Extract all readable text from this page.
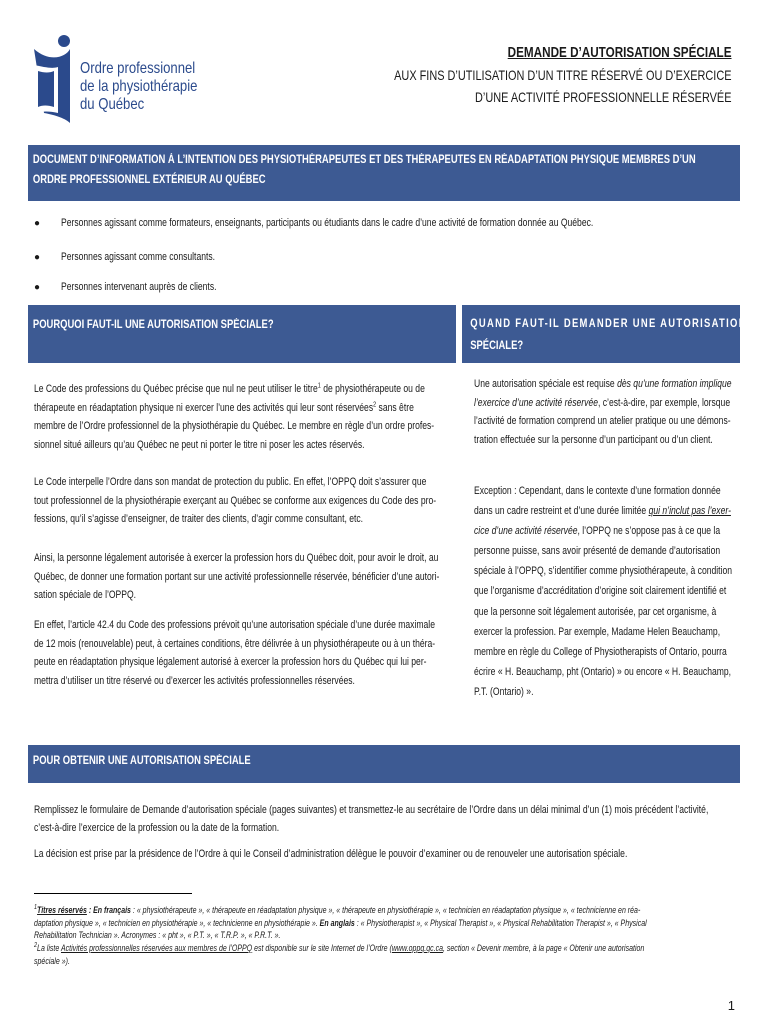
Ordre professionnel
de la physiothérapie
du Québec
DEMANDE D’AUTORISATION SPÉCIALE
AUX FINS D’UTILISATION D’UN TITRE RÉSERVÉ OU D’EXERCICE
D’UNE ACTIVITÉ PROFESSIONNELLE RÉSERVÉE
DOCUMENT D’INFORMATION À L’INTENTION DES PHYSIOTHÉRAPEUTES ET DES THÉRAPEUTES EN RÉADAPTATION PHYSIQUE MEMBRES D’UN
ORDRE PROFESSIONNEL EXTÉRIEUR AU QUÉBEC
● Personnes agissant comme formateurs, enseignants, participants ou étudiants dans le cadre d’une activité de formation donnée au Québec.
● Personnes agissant comme consultants.
● Personnes intervenant auprès de clients.
POURQUOI FAUT-IL UNE AUTORISATION SPÉCIALE?	QUAND FAUT-IL DEMANDER UNE AUTORISATION
SPÉCIALE?
Le Code des professions du Québec précise que nul ne peut utiliser le titre$^1$ de physiothérapeute ou de
thérapeute en réadaptation physique ni exercer l’une des activités qui leur sont réservées$^2$ sans être
membre de l’Ordre professionnel de la physiothérapie du Québec. Le membre en règle d’un ordre profes-
sionnel situé ailleurs qu’au Québec ne peut ni porter le titre ni poser les actes réservés.
Le Code interpelle l’Ordre dans son mandat de protection du public. En effet, l’OPPQ doit s’assurer que
tout professionnel de la physiothérapie exerçant au Québec se conforme aux exigences du Code des pro-
fessions, qu’il s’agisse d’enseigner, de traiter des clients, d’agir comme consultant, etc.
Ainsi, la personne légalement autorisée à exercer la profession hors du Québec doit, pour avoir le droit, au
Québec, de donner une formation portant sur une activité professionnelle réservée, bénéficier d’une autori-
sation spéciale de l’OPPQ.
En effet, l’article 42.4 du Code des professions prévoit qu’une autorisation spéciale d’une durée maximale
de 12 mois (renouvelable) peut, à certaines conditions, être délivrée à un physiothérapeute ou à un théra-
peute en réadaptation physique légalement autorisé à exercer la profession hors du Québec qui lui per-
mettra d’utiliser un titre réservé ou d’exercer les activités professionnelles réservées.
Une autorisation spéciale est requise dès qu’une formation implique
l’exercice d’une activité réservée, c’est-à-dire, par exemple, lorsque
l’activité de formation comprend un atelier pratique ou une démons-
tration effectuée sur la personne d’un participant ou d’un client.
Exception : Cependant, dans le contexte d’une formation donnée
dans un cadre restreint et d’une durée limitée qui n’inclut pas l’exer-
cice d’une activité réservée, l’OPPQ ne s’oppose pas à ce que la
personne puisse, sans avoir présenté de demande d’autorisation
spéciale à l’OPPQ, s’identifier comme physiothérapeute, à condition
que l’organisme d’accréditation d’origine soit clairement identifié et
que la personne soit légalement autorisée, par cet organisme, à
exercer la profession. Par exemple, Madame Helen Beauchamp,
membre en règle du College of Physiotherapists of Ontario, pourra
écrire « H. Beauchamp, pht (Ontario) » ou encore « H. Beauchamp,
P.T. (Ontario) ».
POUR OBTENIR UNE AUTORISATION SPÉCIALE
Remplissez le formulaire de Demande d’autorisation spéciale (pages suivantes) et transmettez-le au secrétaire de l’Ordre dans un délai minimal d’un (1) mois précédent l’activité,
c’est-à-dire l’exercice de la profession ou la date de la formation.
La décision est prise par la présidence de l’Ordre à qui le Conseil d’administration délègue le pouvoir d’examiner ou de renouveler une autorisation spéciale.
$^1$Titres réservés : En français : « physiothérapeute », « thérapeute en réadaptation physique », « thérapeute en physiothérapie », « technicien en réadaptation physique », « technicienne en réa-
daptation physique », « technicien en physiothérapie », « technicienne en physiothérapie ». En anglais : « Physiotherapist », « Physical Therapist », « Physical Rehabilitation Therapist », « Physical
Rehabilitation Technician ». Acronymes : « pht », « P.T. », « T.R.P. », « P.R.T. ».
$^2$La liste Activités professionnelles réservées aux membres de l’OPPQ est disponible sur le site Internet de l’Ordre (www.oppq.qc.ca, section « Devenir membre, à la page « Obtenir une autorisation
spéciale »).
1
